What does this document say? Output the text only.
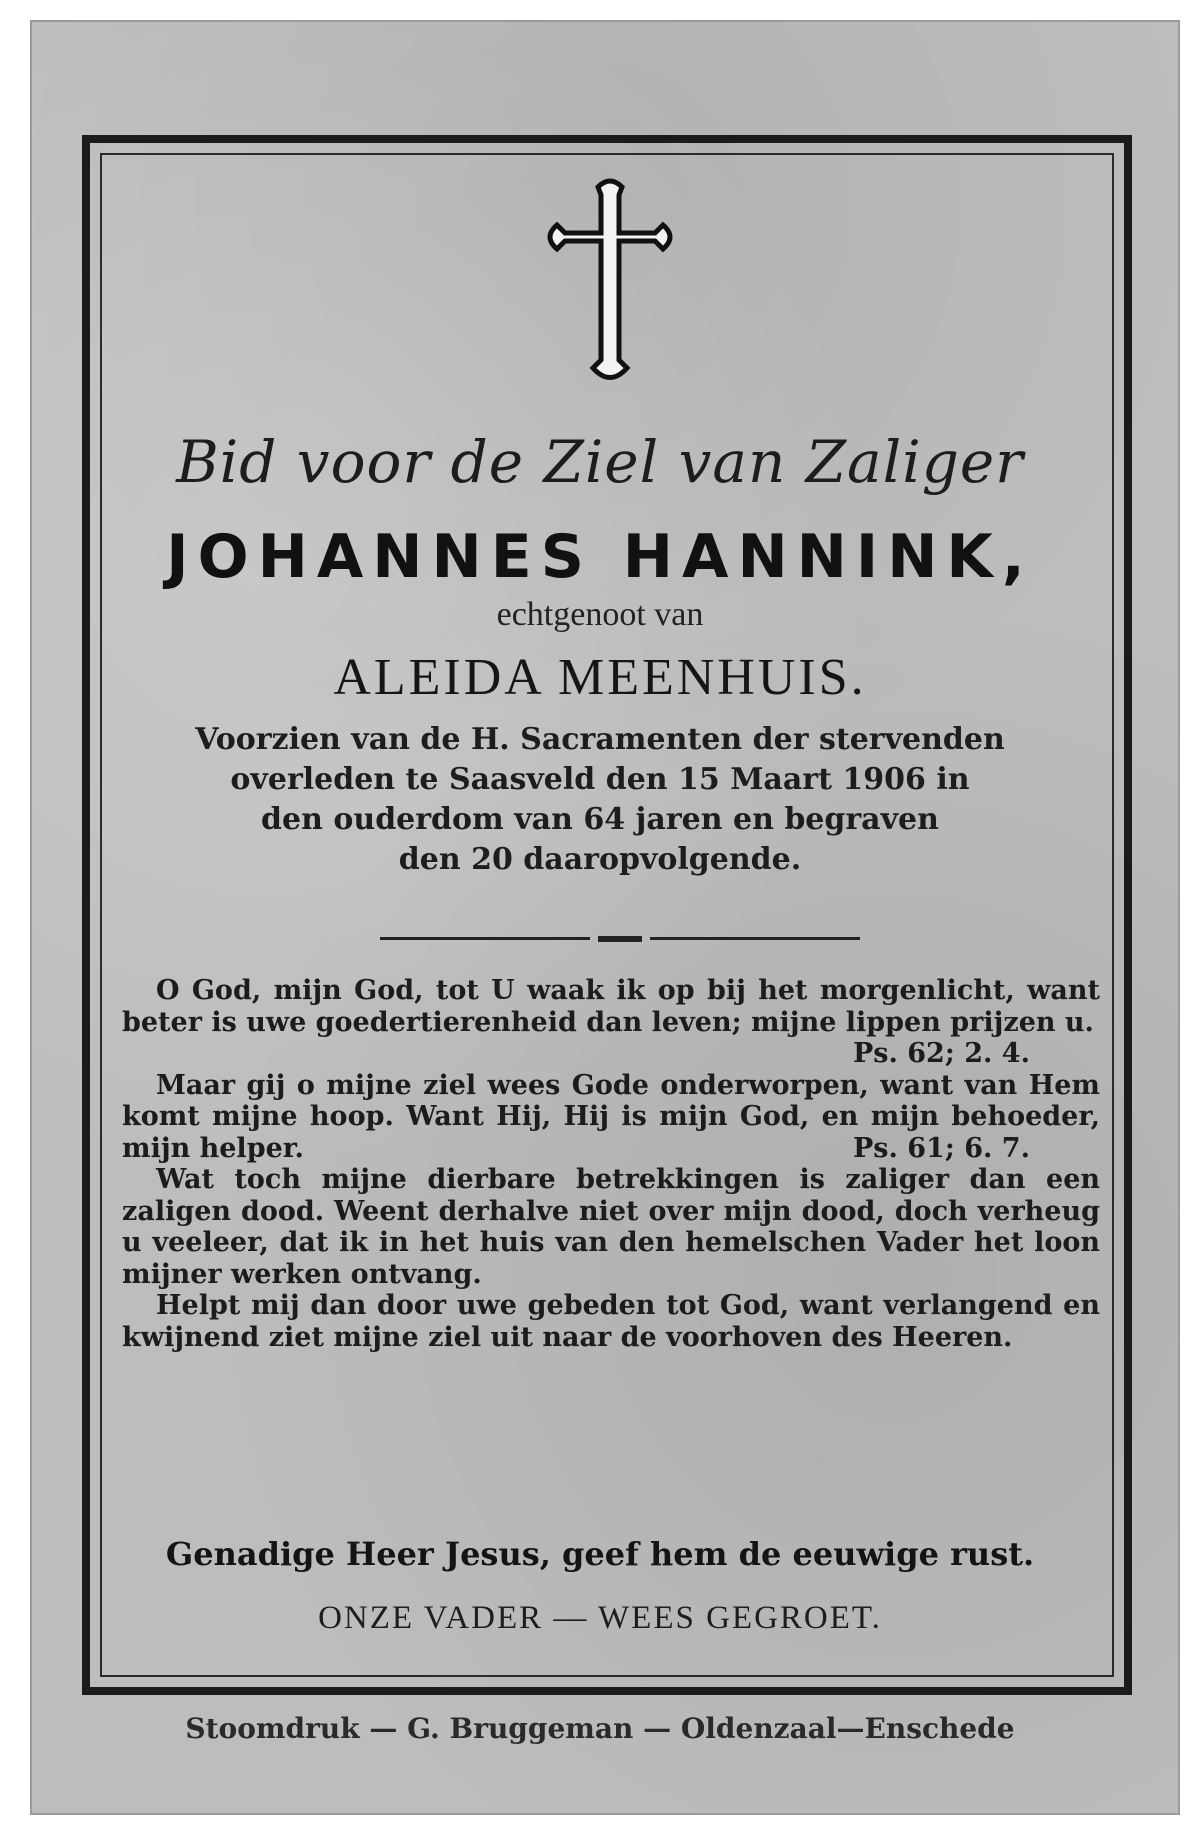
Bid voor de Ziel van Zaliger
JOHANNES HANNINK,
echtgenoot van
ALEIDA MEENHUIS.
Voorzien van de H. Sacramenten der stervenden
overleden te Saasveld den 15 Maart 1906 in
den ouderdom van 64 jaren en begraven
den 20 daaropvolgende.

O God, mijn God, tot U waak ik op bij het morgenlicht, want beter is uwe goedertierenheid dan leven; mijne lippen prijzen u.
Ps. 62; 2. 4.

Maar gij o mijne ziel wees Gode onderworpen, want van Hem komt mijne hoop. Want Hij, Hij is mijn God, en mijn behoeder, mijn helper.	Ps. 61; 6. 7.

Wat toch mijne dierbare betrekkingen is zaliger dan een zaligen dood. Weent derhalve niet over mijn dood, doch verheug u veeleer, dat ik in het huis van den hemelschen Vader het loon mijner werken ontvang.

Helpt mij dan door uwe gebeden tot God, want verlangend en kwijnend ziet mijne ziel uit naar de voorhoven des Heeren.

Genadige Heer Jesus, geef hem de eeuwige rust.
ONZE VADER — WEES GEGROET.
Stoomdruk — G. Bruggeman — Oldenzaal—Enschede
